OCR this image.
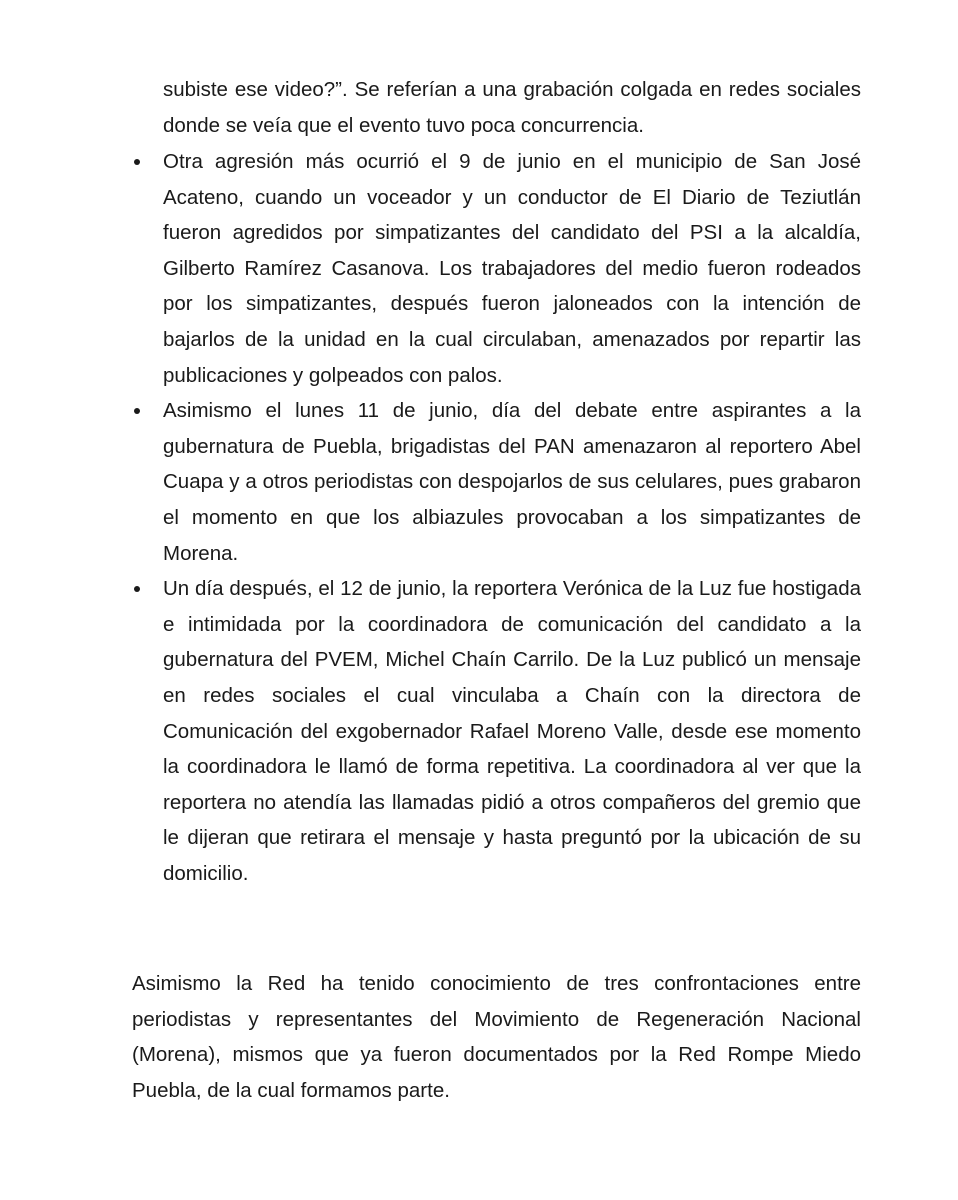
subiste ese video?”. Se referían a una grabación colgada en redes sociales donde se veía que el evento tuvo poca concurrencia.

Otra agresión más ocurrió el 9 de junio en el municipio de San José Acateno, cuando un voceador y un conductor de El Diario de Teziutlán fueron agredidos por simpatizantes del candidato del PSI a la alcaldía, Gilberto Ramírez Casanova. Los trabajadores del medio fueron rodeados por los simpatizantes, después fueron jaloneados con la intención de bajarlos de la unidad en la cual circulaban, amenazados por repartir las publicaciones y golpeados con palos.

Asimismo el lunes 11 de junio, día del debate entre aspirantes a la gubernatura de Puebla, brigadistas del PAN amenazaron al reportero Abel Cuapa y a otros periodistas con despojarlos de sus celulares, pues grabaron el momento en que los albiazules provocaban a los simpatizantes de Morena.

Un día después, el 12 de junio, la reportera Verónica de la Luz fue hostigada e intimidada por la coordinadora de comunicación del candidato a la gubernatura del PVEM, Michel Chaín Carrilo. De la Luz publicó un mensaje en redes sociales el cual vinculaba a Chaín con la directora de Comunicación del exgobernador Rafael Moreno Valle, desde ese momento la coordinadora le llamó de forma repetitiva. La coordinadora al ver que la reportera no atendía las llamadas pidió a otros compañeros del gremio que le dijeran que retirara el mensaje y hasta preguntó por la ubicación de su domicilio.

Asimismo la Red ha tenido conocimiento de tres confrontaciones entre periodistas y representantes del Movimiento de Regeneración Nacional (Morena), mismos que ya fueron documentados por la Red Rompe Miedo Puebla, de la cual formamos parte.
